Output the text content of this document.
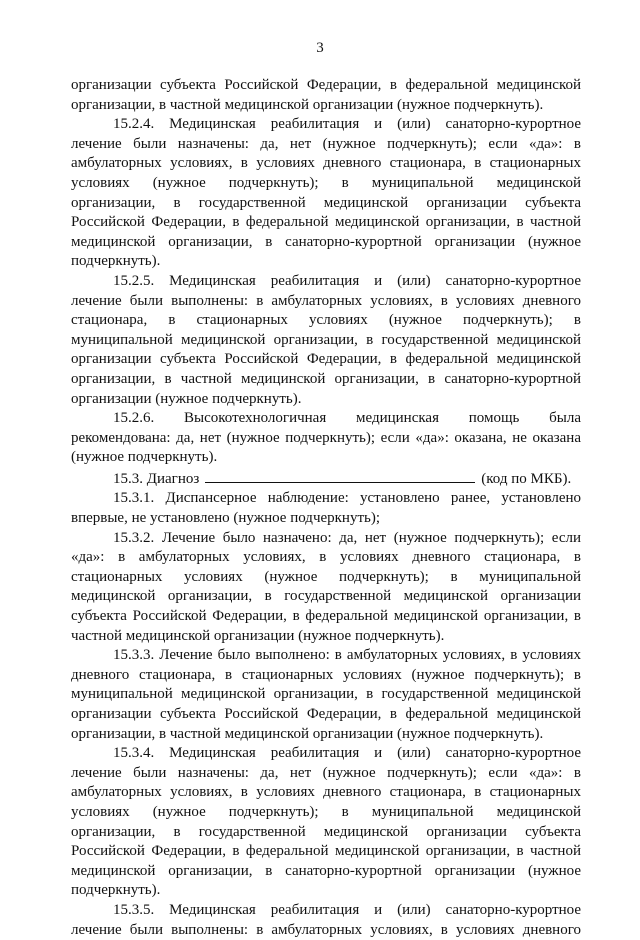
3
организации субъекта Российской Федерации, в федеральной медицинской
организации, в частной медицинской организации (нужное подчеркнуть).
15.2.4. Медицинская реабилитация и (или) санаторно-курортное
лечение были назначены: да, нет (нужное подчеркнуть); если «да»: в
амбулаторных условиях, в условиях дневного стационара, в стационарных
условиях (нужное подчеркнуть); в муниципальной медицинской
организации, в государственной медицинской организации субъекта
Российской Федерации, в федеральной медицинской организации, в частной
медицинской организации, в санаторно-курортной организации (нужное
подчеркнуть).
15.2.5. Медицинская реабилитация и (или) санаторно-курортное
лечение были выполнены: в амбулаторных условиях, в условиях дневного
стационара, в стационарных условиях (нужное подчеркнуть); в
муниципальной медицинской организации, в государственной медицинской
организации субъекта Российской Федерации, в федеральной медицинской
организации, в частной медицинской организации, в санаторно-курортной
организации (нужное подчеркнуть).
15.2.6. Высокотехнологичная медицинская помощь была
рекомендована: да, нет (нужное подчеркнуть); если «да»: оказана, не оказана
(нужное подчеркнуть).
15.3. Диагноз	(код по МКБ).
15.3.1. Диспансерное наблюдение: установлено ранее, установлено
впервые, не установлено (нужное подчеркнуть);
15.3.2. Лечение было назначено: да, нет (нужное подчеркнуть); если
«да»: в амбулаторных условиях, в условиях дневного стационара, в
стационарных условиях (нужное подчеркнуть); в муниципальной
медицинской организации, в государственной медицинской организации
субъекта Российской Федерации, в федеральной медицинской организации, в
частной медицинской организации (нужное подчеркнуть).
15.3.3. Лечение было выполнено: в амбулаторных условиях, в условиях
дневного стационара, в стационарных условиях (нужное подчеркнуть); в
муниципальной медицинской организации, в государственной медицинской
организации субъекта Российской Федерации, в федеральной медицинской
организации, в частной медицинской организации (нужное подчеркнуть).
15.3.4. Медицинская реабилитация и (или) санаторно-курортное
лечение были назначены: да, нет (нужное подчеркнуть); если «да»: в
амбулаторных условиях, в условиях дневного стационара, в стационарных
условиях (нужное подчеркнуть); в муниципальной медицинской
организации, в государственной медицинской организации субъекта
Российской Федерации, в федеральной медицинской организации, в частной
медицинской организации, в санаторно-курортной организации (нужное
подчеркнуть).
15.3.5. Медицинская реабилитация и (или) санаторно-курортное
лечение были выполнены: в амбулаторных условиях, в условиях дневного
